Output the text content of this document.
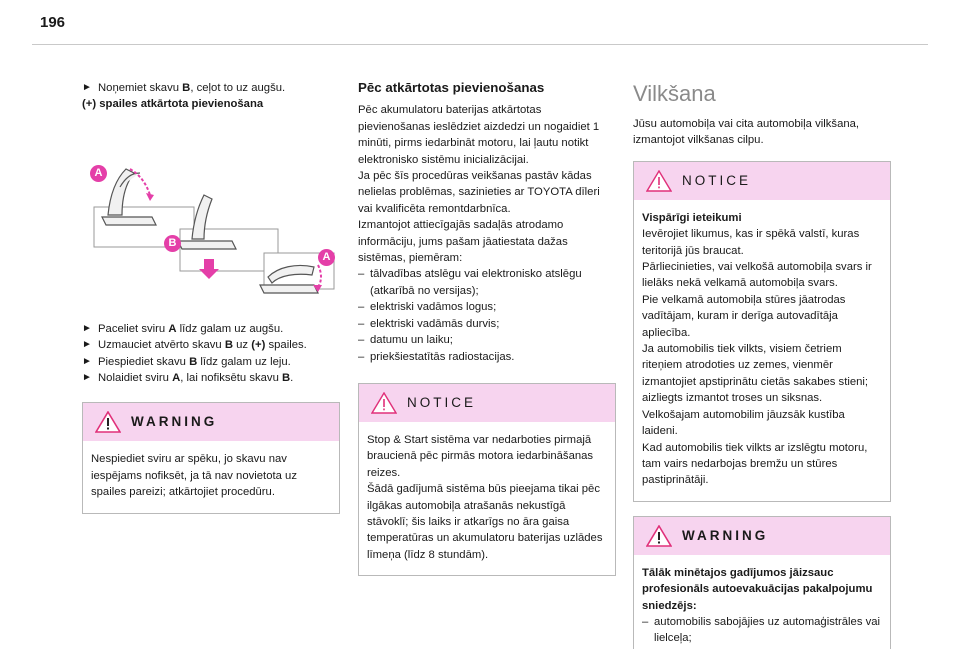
196
► Noņemiet skavu B, ceļot to uz augšu.
(+) spailes atkārtota pievienošana
A
B
A
► Paceliet sviru A līdz galam uz augšu.
► Uzmauciet atvērto skavu B uz (+) spailes.
► Piespiediet skavu B līdz galam uz leju.
► Nolaidiet sviru A, lai nofiksētu skavu B.
WARNING
Nespiediet sviru ar spēku, jo skavu nav iespējams nofiksēt, ja tā nav novietota uz spailes pareizi; atkārtojiet procedūru.
Pēc atkārtotas pievienošanas
Pēc akumulatoru baterijas atkārtotas pievienošanas ieslēdziet aizdedzi un nogaidiet 1 minūti, pirms iedarbināt motoru, lai ļautu notikt elektronisko sistēmu inicializācijai.
Ja pēc šīs procedūras veikšanas pastāv kādas nelielas problēmas, sazinieties ar TOYOTA dīleri vai kvalificēta remontdarbnīca.
Izmantojot attiecīgajās sadaļās atrodamo informāciju, jums pašam jāatiestata dažas sistēmas, piemēram:
– tālvadības atslēgu vai elektronisko atslēgu (atkarībā no versijas);
– elektriski vadāmos logus;
– elektriski vadāmās durvis;
– datumu un laiku;
– priekšiestatītās radiostacijas.
NOTICE
Stop & Start sistēma var nedarboties pirmajā braucienā pēc pirmās motora iedarbināšanas reizes.
Šādā gadījumā sistēma būs pieejama tikai pēc ilgākas automobiļa atrašanās nekustīgā stāvoklī; šis laiks ir atkarīgs no āra gaisa temperatūras un akumulatoru baterijas uzlādes līmeņa (līdz 8 stundām).
Vilkšana
Jūsu automobiļa vai cita automobiļa vilkšana, izmantojot vilkšanas cilpu.
NOTICE
Vispārīgi ieteikumi
Ievērojiet likumus, kas ir spēkā valstī, kuras teritorijā jūs braucat.
Pārliecinieties, vai velkošā automobiļa svars ir lielāks nekā velkamā automobiļa svars.
Pie velkamā automobiļa stūres jāatrodas vadītājam, kuram ir derīga autovadītāja apliecība.
Ja automobilis tiek vilkts, visiem četriem riteņiem atrodoties uz zemes, vienmēr izmantojiet apstiprinātu cietās sakabes stieni; aizliegts izmantot troses un siksnas.
Velkošajam automobilim jāuzsāk kustība laideni.
Kad automobilis tiek vilkts ar izslēgtu motoru, tam vairs nedarbojas bremžu un stūres pastiprinātāji.
WARNING
Tālāk minētajos gadījumos jāizsauc profesionāls autoevakuācijas pakalpojumu sniedzējs:
– automobilis sabojājies uz automaģistrāles vai lielceļa;
